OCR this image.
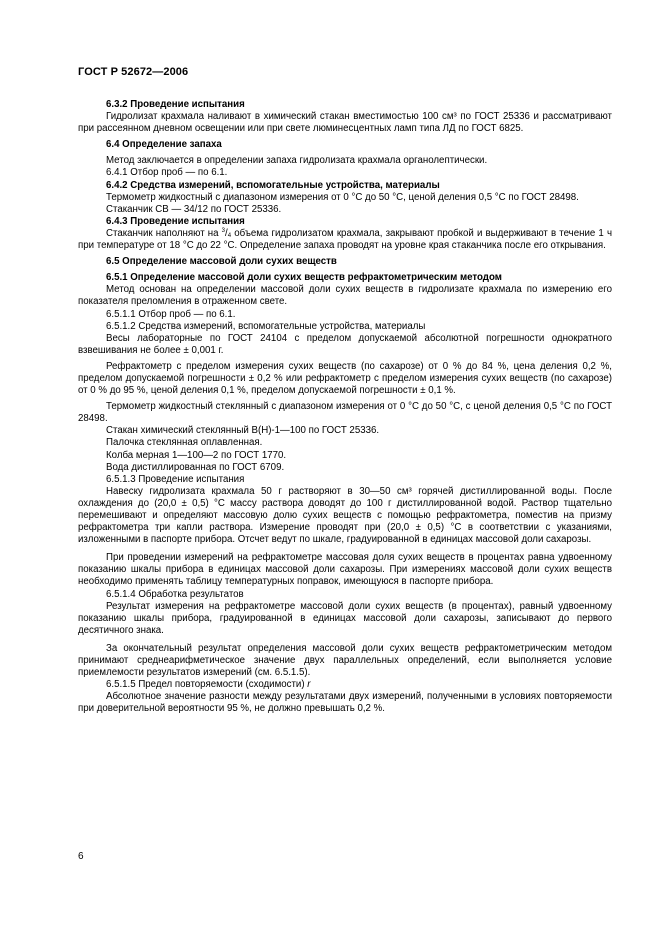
ГОСТ Р 52672—2006

6.3.2 Проведение испытания

Гидролизат крахмала наливают в химический стакан вместимостью 100 см³ по ГОСТ 25336 и рассматривают при рассеянном дневном освещении или при свете люминесцентных ламп типа ЛД по ГОСТ 6825.

6.4 Определение запаха

Метод заключается в определении запаха гидролизата крахмала органолептически.

6.4.1 Отбор проб — по 6.1.

6.4.2 Средства измерений, вспомогательные устройства, материалы

Термометр жидкостный с диапазоном измерения от 0 °С до 50 °С, ценой деления 0,5 °С по ГОСТ 28498.

Стаканчик СВ — 34/12 по ГОСТ 25336.

6.4.3 Проведение испытания

Стаканчик наполняют на $^3/_4$ объема гидролизатом крахмала, закрывают пробкой и выдерживают в течение 1 ч при температуре от 18 °С до 22 °С. Определение запаха проводят на уровне края стаканчика после его открывания.

6.5 Определение массовой доли сухих веществ

6.5.1 Определение массовой доли сухих веществ рефрактометрическим методом

Метод основан на определении массовой доли сухих веществ в гидролизате крахмала по измерению его показателя преломления в отраженном свете.

6.5.1.1 Отбор проб — по 6.1.

6.5.1.2 Средства измерений, вспомогательные устройства, материалы

Весы лабораторные по ГОСТ 24104 с пределом допускаемой абсолютной погрешности однократного взвешивания не более ± 0,001 г.

Рефрактометр с пределом измерения сухих веществ (по сахарозе) от 0 % до 84 %, цена деления 0,2 %, пределом допускаемой погрешности ± 0,2 % или рефрактометр с пределом измерения сухих веществ (по сахарозе) от 0 % до 95 %, ценой деления 0,1 %, пределом допускаемой погрешности ± 0,1 %.

Термометр жидкостный стеклянный с диапазоном измерения от 0 °С до 50 °С, с ценой деления 0,5 °С по ГОСТ 28498.

Стакан химический стеклянный В(Н)-1—100 по ГОСТ 25336.

Палочка стеклянная оплавленная.

Колба мерная 1—100—2 по ГОСТ 1770.

Вода дистиллированная по ГОСТ 6709.

6.5.1.3 Проведение испытания

Навеску гидролизата крахмала 50 г растворяют в 30—50 см³ горячей дистиллированной воды. После охлаждения до (20,0 ± 0,5) °С массу раствора доводят до 100 г дистиллированной водой. Раствор тщательно перемешивают и определяют массовую долю сухих веществ с помощью рефрактометра, поместив на призму рефрактометра три капли раствора. Измерение проводят при (20,0 ± 0,5) °С в соответствии с указаниями, изложенными в паспорте прибора. Отсчет ведут по шкале, градуированной в единицах массовой доли сахарозы.

При проведении измерений на рефрактометре массовая доля сухих веществ в процентах равна удвоенному показанию шкалы прибора в единицах массовой доли сахарозы. При измерениях массовой доли сухих веществ необходимо применять таблицу температурных поправок, имеющуюся в паспорте прибора.

6.5.1.4 Обработка результатов

Результат измерения на рефрактометре массовой доли сухих веществ (в процентах), равный удвоенному показанию шкалы прибора, градуированной в единицах массовой доли сахарозы, записывают до первого десятичного знака.

За окончательный результат определения массовой доли сухих веществ рефрактометрическим методом принимают среднеарифметическое значение двух параллельных определений, если выполняется условие приемлемости результатов измерений (см. 6.5.1.5).

6.5.1.5 Предел повторяемости (сходимости) r

Абсолютное значение разности между результатами двух измерений, полученными в условиях повторяемости при доверительной вероятности 95 %, не должно превышать 0,2 %.

6
